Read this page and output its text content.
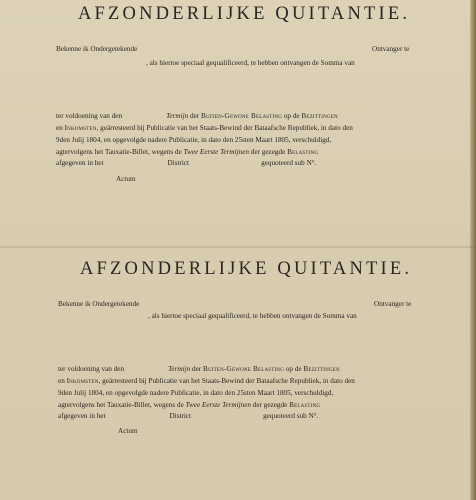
AFZONDERLIJKE QUITANTIE.
Bekenne ik Ondergetekende	Ontvanger te
, als hiertoe speciaal gequalificeerd, te hebben ontvangen de Somma van
ter voldoening van den	Termijn der Buiten-Gewone Belasting op de Bezittingen
en Inkomsten, geärresteerd bij Publicatie van het Staats-Bewind der Bataafsche Republiek, in dato den
9den Julij 1804, en opgevolgde nadere Publicatie, in dato den 25sten Maart 1805, verschuldigd,
agtervolgens het Tauxatie-Billet, wegens de Twee Eerste Termijnen der gezegde Belasting
afgegeven in het	District	gequoteerd sub N°.
Actum
AFZONDERLIJKE QUITANTIE.
Bekenne ik Ondergetekende	Ontvanger te
, als hiertoe speciaal gequalificeerd, te hebben ontvangen de Somma van
ter voldoening van den	Termijn der Buiten-Gewone Belasting op de Bezittingen
en Inkomsten, geärresteerd bij Publicatie van het Staats-Bewind der Bataafsche Republiek, in dato den
9den Julij 1804, en opgevolgde nadere Publicatie, in dato den 25sten Maart 1805, verschuldigd,
agtervolgens het Tauxatie-Billet, wegens de Twee Eerste Termijnen der gezegde Belasting
afgegeven in het	District	gequoteerd sub N°.
Actum
